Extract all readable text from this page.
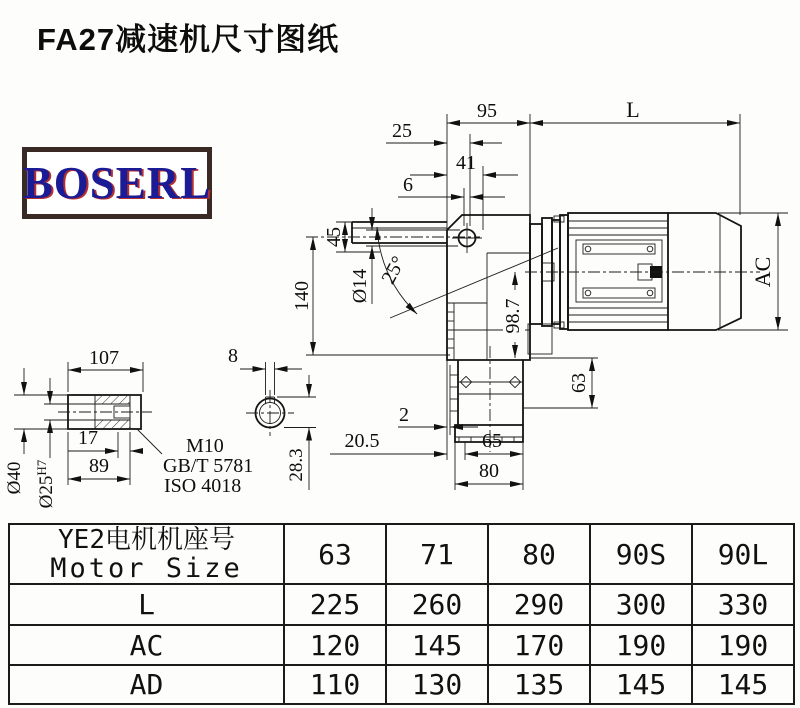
FA27减速机尺寸图纸
BOSERL
95	L
25
41
6
45
Ø14
140
25°	AC
98.7
63
2
20.5	65
80
107
Ø40 $Ø25^{H7}$
17
89
M10
GB/T 5781
ISO 4018
8
28.3
YE2电机机座号
Motor Size	63	71	80	90S	90L
L	225	260	290	300	330
AC	120	145	170	190	190
AD	110	130	135	145	145
